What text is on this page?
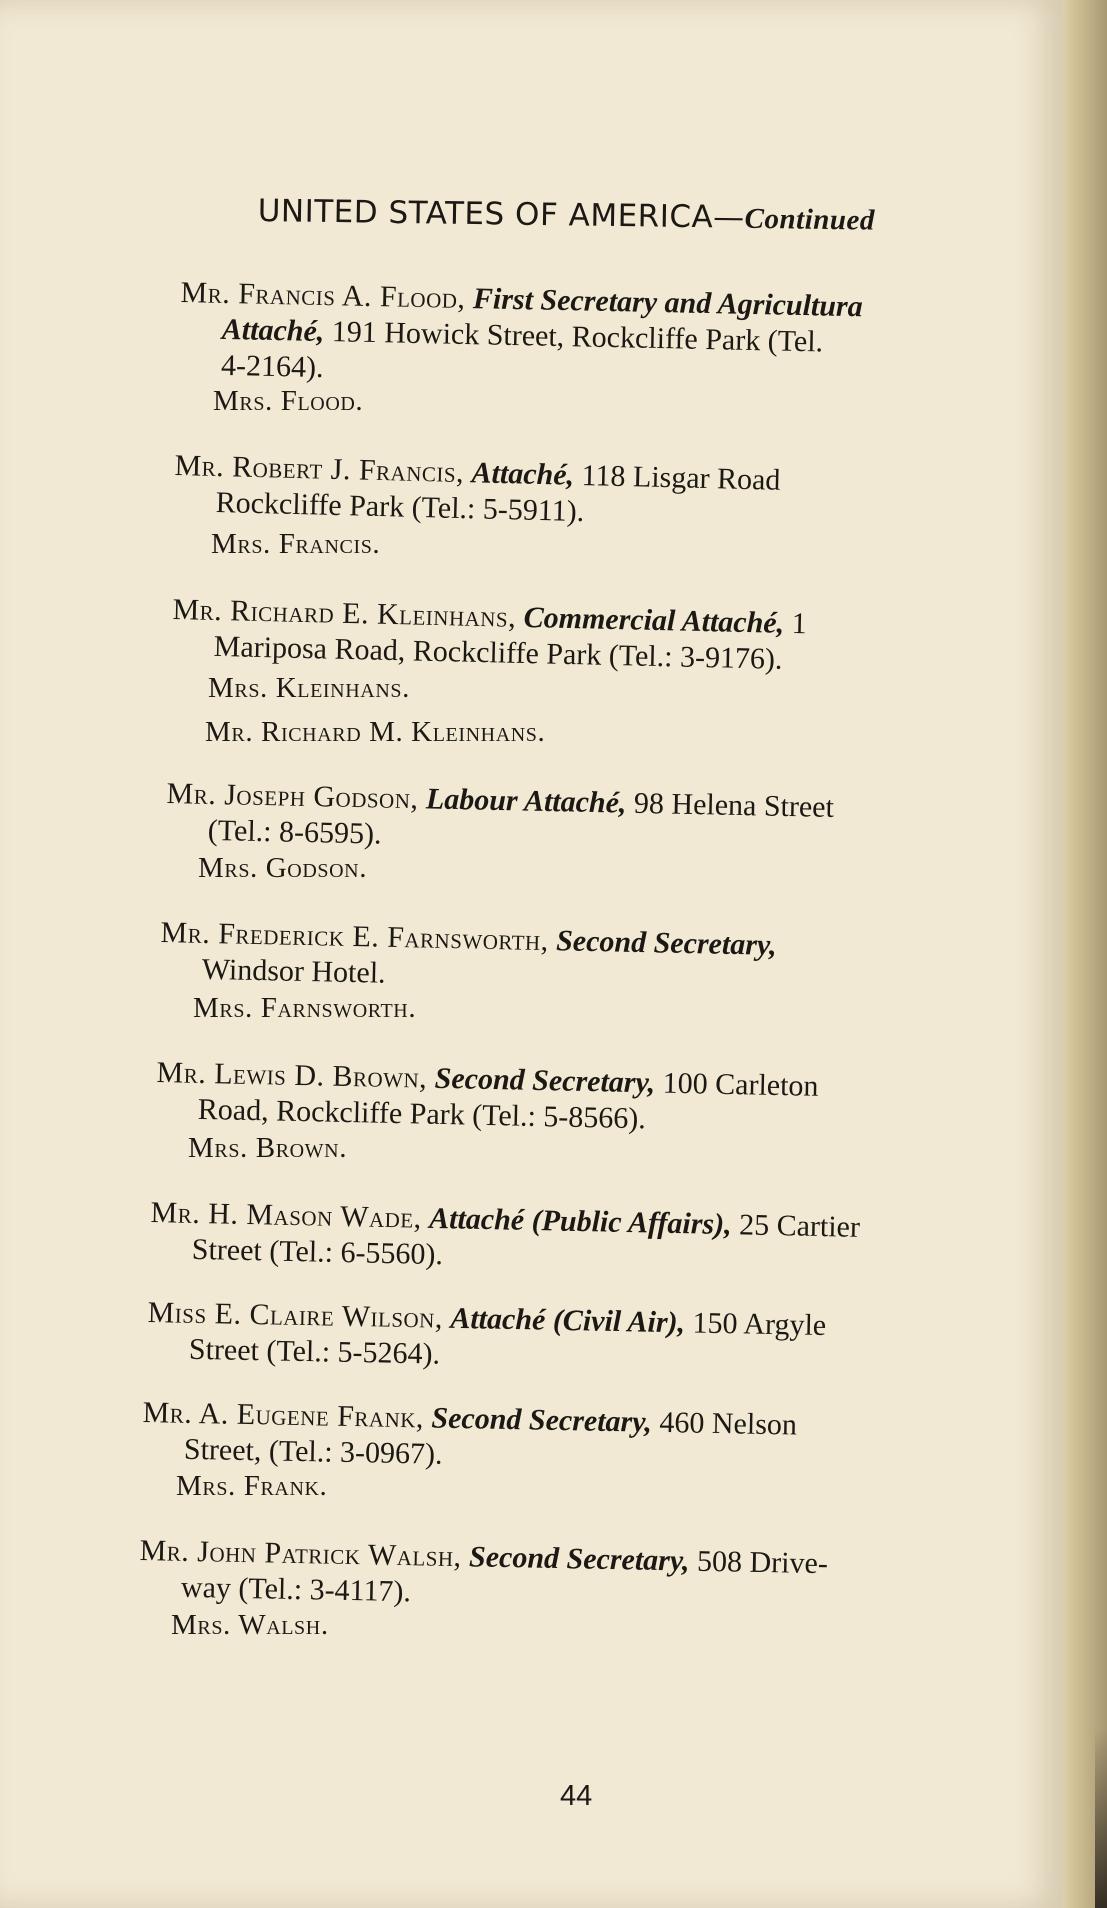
UNITED STATES OF AMERICA—Continued
Mr. Francis A. Flood, First Secretary and Agricultura
Attaché, 191 Howick Street, Rockcliffe Park (Tel.
4-2164).
Mrs. Flood.
Mr. Robert J. Francis, Attaché, 118 Lisgar Road
Rockcliffe Park (Tel.: 5-5911).
Mrs. Francis.
Mr. Richard E. Kleinhans, Commercial Attaché, 1
Mariposa Road, Rockcliffe Park (Tel.: 3-9176).
Mrs. Kleinhans.
Mr. Richard M. Kleinhans.
Mr. Joseph Godson, Labour Attaché, 98 Helena Street
(Tel.: 8-6595).
Mrs. Godson.
Mr. Frederick E. Farnsworth, Second Secretary,
Windsor Hotel.
Mrs. Farnsworth.
Mr. Lewis D. Brown, Second Secretary, 100 Carleton
Road, Rockcliffe Park (Tel.: 5-8566).
Mrs. Brown.
Mr. H. Mason Wade, Attaché (Public Affairs), 25 Cartier
Street (Tel.: 6-5560).
Miss E. Claire Wilson, Attaché (Civil Air), 150 Argyle
Street (Tel.: 5-5264).
Mr. A. Eugene Frank, Second Secretary, 460 Nelson
Street, (Tel.: 3-0967).
Mrs. Frank.
Mr. John Patrick Walsh, Second Secretary, 508 Drive-
way (Tel.: 3-4117).
Mrs. Walsh.
44
